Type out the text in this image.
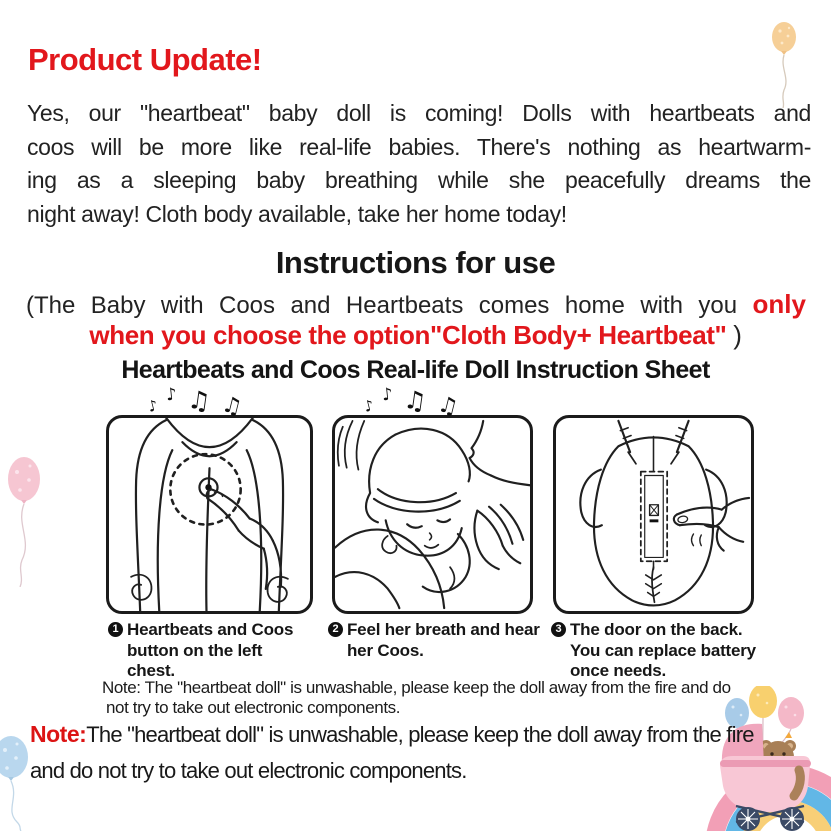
Product Update!
Yes, our "heartbeat" baby doll is coming! Dolls with heartbeats and
coos will be more like real-life babies. There's nothing as heartwarm-
ing as a sleeping baby breathing while she peacefully dreams the
night away! Cloth body available, take her home today!
Instructions for use
(The Baby with Coos and Heartbeats comes home with you only
when you choose the option"Cloth Body+ Heartbeat" )
Heartbeats and Coos Real-life Doll Instruction Sheet
♪
♪ ♫ ♫	♪
♪ ♫ ♫
1 Heartbeats and Coos
button on the left chest.
2 Feel her breath and hear
her Coos.
3 The door on the back.
You can replace battery
once needs.
Note: The "heartbeat doll" is unwashable, please keep the doll away from the fire and do
not try to take out electronic components.
Note:The "heartbeat doll" is unwashable, please keep the doll away from the fire
and do not try to take out electronic components.
